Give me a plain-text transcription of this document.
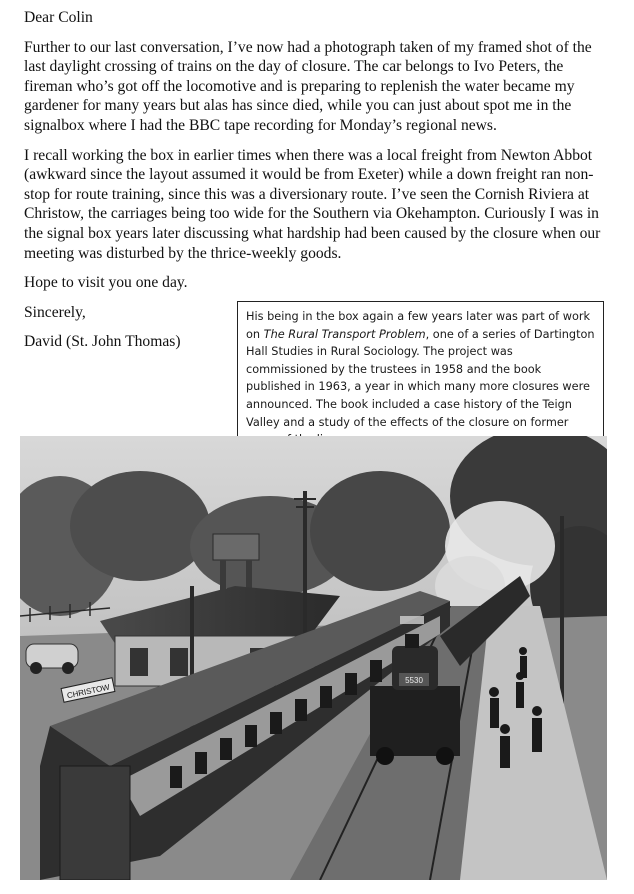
Dear Colin

Further to our last conversation, I’ve now had a photograph taken of my framed shot of the last daylight crossing of trains on the day of closure. The car belongs to Ivo Peters, the fireman who’s got off the locomotive and is preparing to replenish the water became my gardener for many years but alas has since died, while you can just about spot me in the signalbox where I had the BBC tape recording for Monday’s regional news.

I recall working the box in earlier times when there was a local freight from Newton Abbot (awkward since the layout assumed it would be from Exeter) while a down freight ran non-stop for route training, since this was a diversionary route. I’ve seen the Cornish Riviera at Christow, the carriages being too wide for the Southern via Okehampton. Curiously I was in the signal box years later discussing what hardship had been caused by the closure when our meeting was disturbed by the thrice-weekly goods.

Hope to visit you one day.

Sincerely,

David (St. John Thomas)

His being in the box again a few years later was part of work on The Rural Transport Problem, one of a series of Dartington Hall Studies in Rural Sociology. The project was commissioned by the trustees in 1958 and the book published in 1963, a year in which many more closures were announced. The book included a case history of the Teign Valley and a study of the effects of the closure on former
5530
CHRISTOW
